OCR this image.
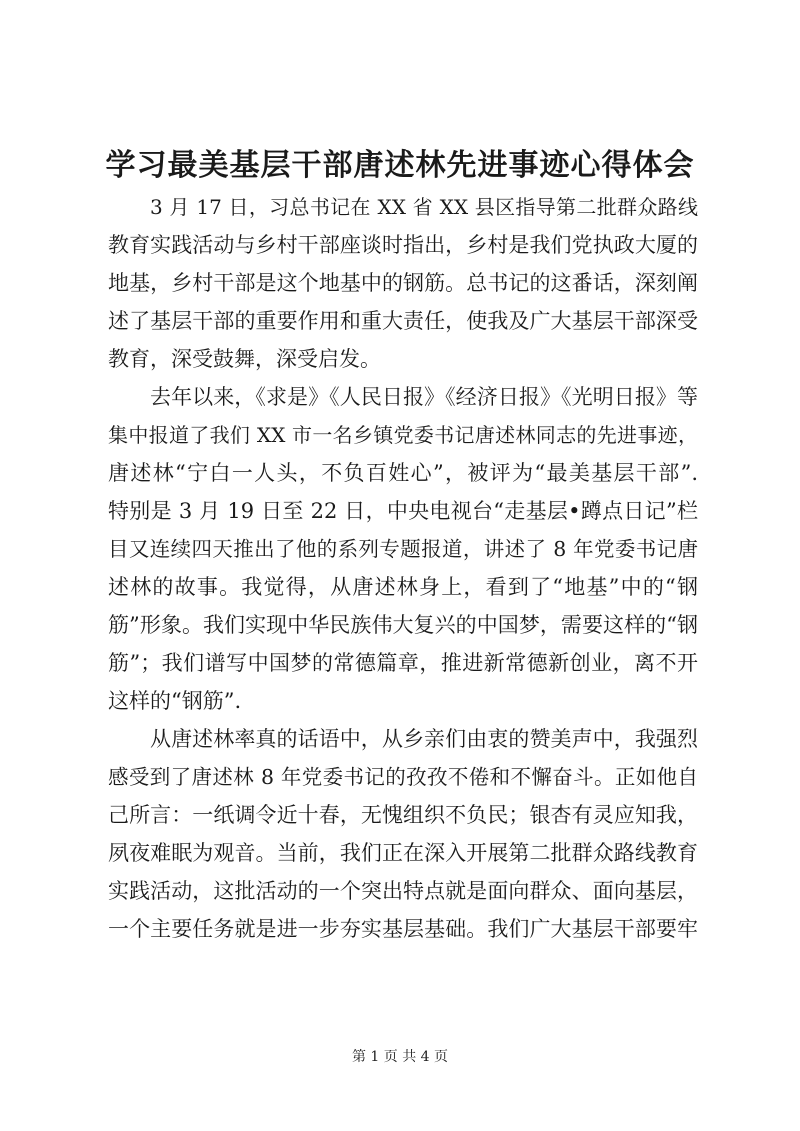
学习最美基层干部唐述林先进事迹心得体会

3 月 17 日，习总书记在 XX 省 XX 县区指导第二批群众路线
教育实践活动与乡村干部座谈时指出，乡村是我们党执政大厦的
地基，乡村干部是这个地基中的钢筋。总书记的这番话，深刻阐
述了基层干部的重要作用和重大责任，使我及广大基层干部深受
教育，深受鼓舞，深受启发。

去年以来，《求是》《人民日报》《经济日报》《光明日报》等
集中报道了我们 XX 市一名乡镇党委书记唐述林同志的先进事迹，
唐述林“宁白一人头，不负百姓心”，被评为“最美基层干部”.
特别是 3 月 19 日至 22 日，中央电视台“走基层•蹲点日记”栏
目又连续四天推出了他的系列专题报道，讲述了 8 年党委书记唐
述林的故事。我觉得，从唐述林身上，看到了“地基”中的“钢
筋”形象。我们实现中华民族伟大复兴的中国梦，需要这样的“钢
筋”；我们谱写中国梦的常德篇章，推进新常德新创业，离不开
这样的“钢筋”.

从唐述林率真的话语中，从乡亲们由衷的赞美声中，我强烈
感受到了唐述林 8 年党委书记的孜孜不倦和不懈奋斗。正如他自
己所言：一纸调令近十春，无愧组织不负民；银杏有灵应知我，
夙夜难眠为观音。当前，我们正在深入开展第二批群众路线教育
实践活动，这批活动的一个突出特点就是面向群众、面向基层，
一个主要任务就是进一步夯实基层基础。我们广大基层干部要牢

第 1 页 共 4 页
